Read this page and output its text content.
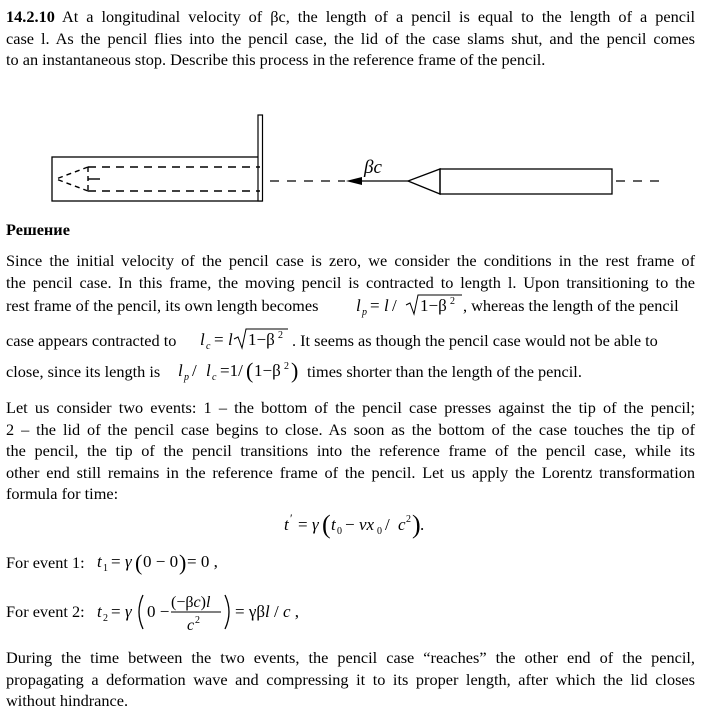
14.2.10 At a longitudinal velocity of βc, the length of a pencil is equal to the length of a pencil
case l. As the pencil flies into the pencil case, the lid of the case slams shut, and the pencil comes
to an instantaneous stop. Describe this process in the reference frame of the pencil.
βc
Решение
Since the initial velocity of the pencil case is zero, we consider the conditions in the rest frame of
the pencil case. In this frame, the moving pencil is contracted to length l. Upon transitioning to the
rest frame of the pencil, its own length becomes l p = l / 1−β 2 , whereas the length of the pencil
case appears contracted to l c = l 1−β 2 . It seems as though the pencil case would not be able to
close, since its length is l p / l c =1/ ( 1−β 2 ) times shorter than the length of the pencil.
Let us consider two events: 1 – the bottom of the pencil case presses against the tip of the pencil;
2 – the lid of the pencil case begins to close. As soon as the bottom of the case touches the tip of
the pencil, the tip of the pencil transitions into the reference frame of the pencil case, while its
other end still remains in the reference frame of the pencil. Let us apply the Lorentz transformation
formula for time:
t ′ = γ ( t 0 − vx 0 / c 2 ) .
For event 1: t 1 = γ ( 0 − 0 ) = 0 ,
For event 2: t 2 = γ 0 − (−βc)l
c 2 = γβl / c ,
During the time between the two events, the pencil case “reaches” the other end of the pencil,
propagating a deformation wave and compressing it to its proper length, after which the lid closes
without hindrance.
